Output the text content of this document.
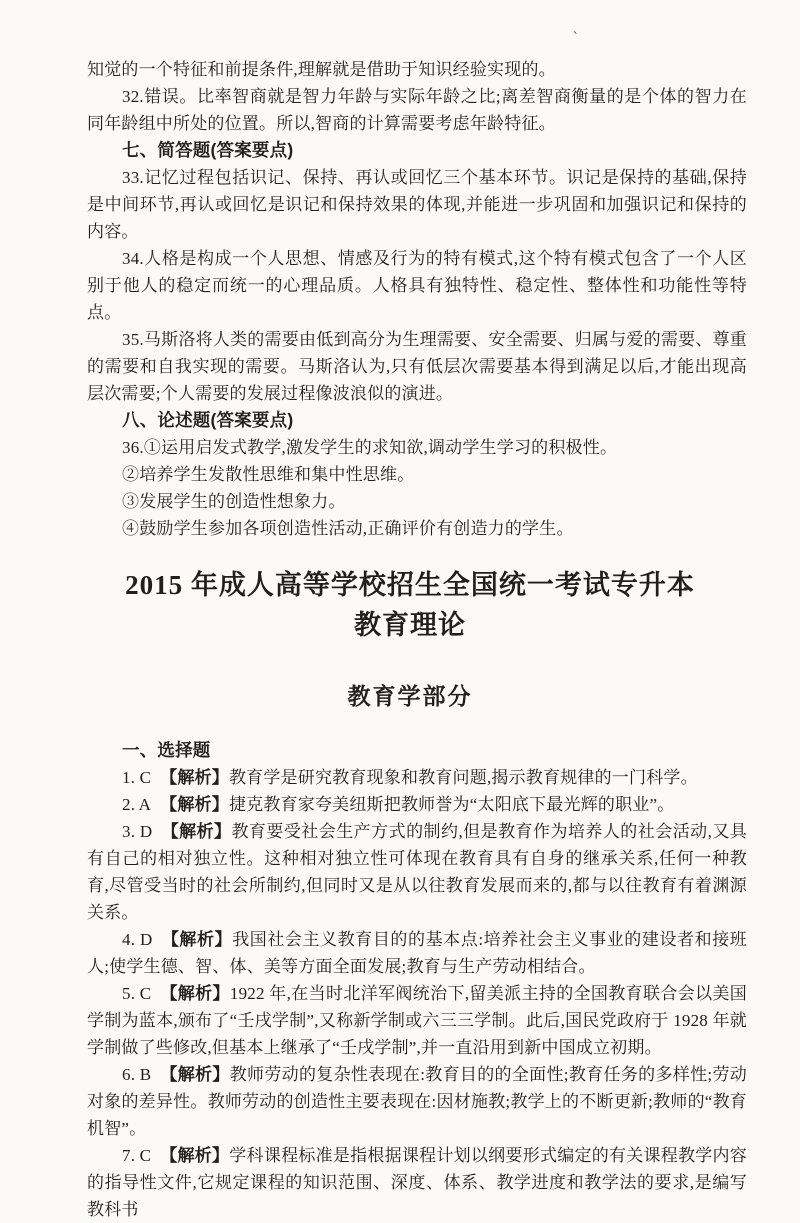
ˋ

知觉的一个特征和前提条件,理解就是借助于知识经验实现的。

32.错误。比率智商就是智力年龄与实际年龄之比;离差智商衡量的是个体的智力在同年龄组中所处的位置。所以,智商的计算需要考虑年龄特征。

七、简答题(答案要点)

33.记忆过程包括识记、保持、再认或回忆三个基本环节。识记是保持的基础,保持是中间环节,再认或回忆是识记和保持效果的体现,并能进一步巩固和加强识记和保持的内容。

34.人格是构成一个人思想、情感及行为的特有模式,这个特有模式包含了一个人区别于他人的稳定而统一的心理品质。人格具有独特性、稳定性、整体性和功能性等特点。

35.马斯洛将人类的需要由低到高分为生理需要、安全需要、归属与爱的需要、尊重的需要和自我实现的需要。马斯洛认为,只有低层次需要基本得到满足以后,才能出现高层次需要;个人需要的发展过程像波浪似的演进。

八、论述题(答案要点)

36.①运用启发式教学,激发学生的求知欲,调动学生学习的积极性。

②培养学生发散性思维和集中性思维。

③发展学生的创造性想象力。

④鼓励学生参加各项创造性活动,正确评价有创造力的学生。

2015 年成人高等学校招生全国统一考试专升本
教育理论
教育学部分

一、选择题

1. C 【解析】教育学是研究教育现象和教育问题,揭示教育规律的一门科学。

2. A 【解析】捷克教育家夸美纽斯把教师誉为“太阳底下最光辉的职业”。

3. D 【解析】教育要受社会生产方式的制约,但是教育作为培养人的社会活动,又具有自己的相对独立性。这种相对独立性可体现在教育具有自身的继承关系,任何一种教育,尽管受当时的社会所制约,但同时又是从以往教育发展而来的,都与以往教育有着渊源关系。

4. D 【解析】我国社会主义教育目的的基本点:培养社会主义事业的建设者和接班人;使学生德、智、体、美等方面全面发展;教育与生产劳动相结合。

5. C 【解析】1922 年,在当时北洋军阀统治下,留美派主持的全国教育联合会以美国学制为蓝本,颁布了“壬戌学制”,又称新学制或六三三学制。此后,国民党政府于 1928 年就学制做了些修改,但基本上继承了“壬戌学制”,并一直沿用到新中国成立初期。

6. B 【解析】教师劳动的复杂性表现在:教育目的的全面性;教育任务的多样性;劳动对象的差异性。教师劳动的创造性主要表现在:因材施教;教学上的不断更新;教师的“教育机智”。

7. C 【解析】学科课程标准是指根据课程计划以纲要形式编定的有关课程教学内容的指导性文件,它规定课程的知识范围、深度、体系、教学进度和教学法的要求,是编写教科书
